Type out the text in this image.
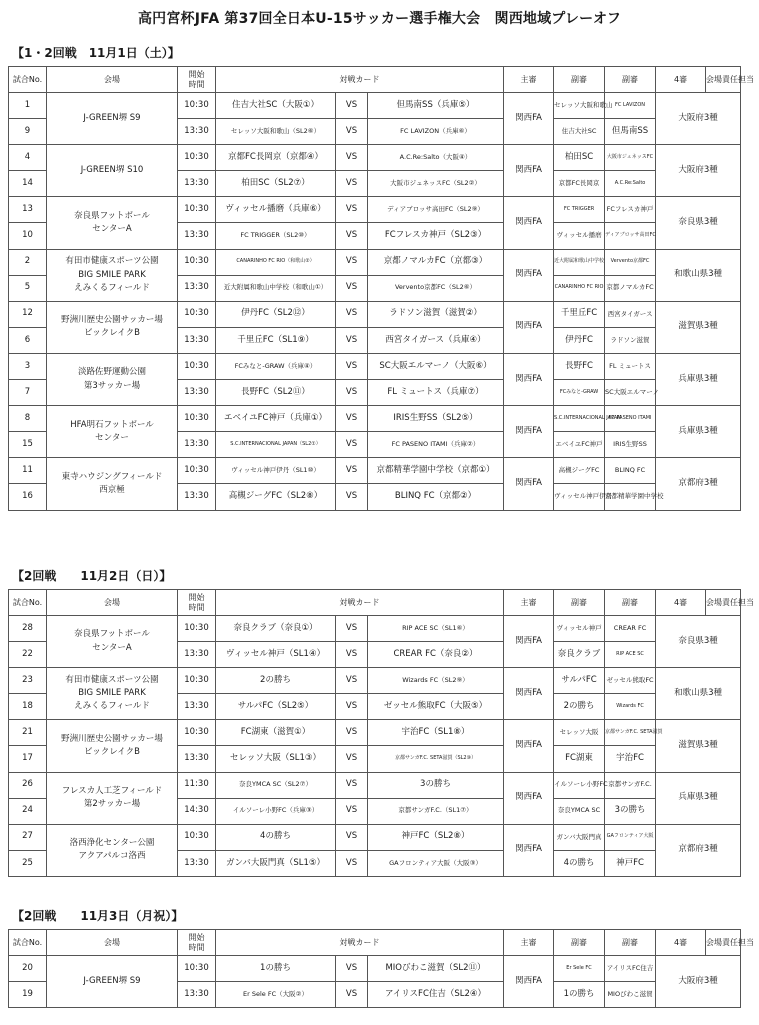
高円宮杯JFA 第37回全日本U-15サッカー選手権大会　関西地域プレーオフ
【1・2回戦　11月1日（土）】
試合No.	会場	開始
時間	対戦カード			主審	副審	副審	4審	会場責任担当
1	J-GREEN堺 S9	10:30	住吉大社SC（大阪①）	VS	但馬南SS（兵庫⑤）	関西FA	セレッソ大阪和歌山	FC LAVIZON	大阪府3種	
9		13:30	セレッソ大阪和歌山（SL2⑥）	VS	FC LAVIZON（兵庫⑥）		住吉大社SC	但馬南SS		
4	J-GREEN堺 S10	10:30	京都FC長岡京（京都④）	VS	A.C.Re:Salto（大阪④）	関西FA	柏田SC	大阪市ジュネッスFC	大阪府3種	
14		13:30	柏田SC（SL2⑦）	VS	大阪市ジュネッスFC（SL2②）		京都FC長岡京	A.C.Re:Salto		
13	奈良県フットボール
センターA	10:30	ヴィッセル播磨（兵庫⑥）	VS	ディアブロッサ高田FC（SL2⑨）	関西FA	FC TRIGGER	FCフレスカ神戸	奈良県3種	
10		13:30	FC TRIGGER（SL2⑩）	VS	FCフレスカ神戸（SL2③）		ヴィッセル播磨	ディアブロッサ高田FC		
2	有田市健康スポーツ公園
BIG SMILE PARK
えみくるフィールド	10:30	CANARINHO FC RIO（和歌山②）	VS	京都ノマルカFC（京都③）	関西FA	近大附属和歌山中学校	Vervento京都FC	和歌山県3種	
5		13:30	近大附属和歌山中学校（和歌山①）	VS	Vervento京都FC（SL2⑥）		CANARINHO FC RIO	京都ノマルカFC		
12	野洲川歴史公園サッカー場
ビックレイクB	10:30	伊丹FC（SL2⑫）	VS	ラドソン滋賀（滋賀②）	関西FA	千里丘FC	西宮タイガース	滋賀県3種	
6		13:30	千里丘FC（SL1⑨）	VS	西宮タイガース（兵庫④）		伊丹FC	ラドソン滋賀		
3	淡路佐野運動公園
第3サッカー場	10:30	FCみなと-GRAW（兵庫④）	VS	SC大阪エルマーノ（大阪⑥）	関西FA	長野FC	FL ミュートス	兵庫県3種	
7		13:30	長野FC（SL2⑪）	VS	FL ミュートス（兵庫⑦）		FCみなと-GRAW	SC大阪エルマーノ		
8	HFA明石フットボール
センター	10:30	エベイユFC神戸（兵庫①）	VS	IRIS生野SS（SL2⑤）	関西FA	S.C.INTERNACIONAL JAPAN	FC PASENO ITAMI	兵庫県3種	
15		13:30	S.C.INTERNACIONAL JAPAN（SL2①）	VS	FC PASENO ITAMI（兵庫②）		エベイユFC神戸	IRIS生野SS		
11	東寺ハウジングフィールド
西京極	10:30	ヴィッセル神戸伊丹（SL1⑩）	VS	京都精華学園中学校（京都①）	関西FA	高槻ジーグFC	BLINQ FC	京都府3種	
16		13:30	高槻ジーグFC（SL2⑧）	VS	BLINQ FC（京都②）		ヴィッセル神戸伊丹	京都精華学園中学校		
【2回戦　　11月2日（日）】
試合No.	会場	開始
時間	対戦カード			主審	副審	副審	4審	会場責任担当
28	奈良県フットボール
センターA	10:30	奈良クラブ（奈良①）	VS	RIP ACE SC（SL1⑥）	関西FA	ヴィッセル神戸	CREAR FC	奈良県3種	
22		13:30	ヴィッセル神戸（SL1④）	VS	CREAR FC（奈良②）		奈良クラブ	RIP ACE SC		
23	有田市健康スポーツ公園
BIG SMILE PARK
えみくるフィールド	10:30	2の勝ち	VS	Wizards FC（SL2⑨）	関西FA	サルパFC	ゼッセル熊取FC	和歌山県3種	
18		13:30	サルパFC（SL2⑤）	VS	ゼッセル熊取FC（大阪⑤）		2の勝ち	Wizards FC		
21	野洲川歴史公園サッカー場
ビックレイクB	10:30	FC湖東（滋賀①）	VS	宇治FC（SL1⑧）	関西FA	セレッソ大阪	京都サンガF.C. SETA滋賀	滋賀県3種	
17		13:30	セレッソ大阪（SL1③）	VS	京都サンガF.C. SETA滋賀（SL2⑩）		FC湖東	宇治FC		
26	フレスカ人工芝フィールド
第2サッカー場	11:30	奈良YMCA SC（SL2⑦）	VS	3の勝ち	関西FA	イルソーレ小野FC	京都サンガF.C.	兵庫県3種	
24		14:30	イルソーレ小野FC（兵庫③）	VS	京都サンガF.C.（SL1⑦）		奈良YMCA SC	3の勝ち		
27	洛西浄化センター公園
アクアパルコ洛西	10:30	4の勝ち	VS	神戸FC（SL2⑧）	関西FA	ガンバ大阪門真	GAフロンティア大阪	京都府3種	
25		13:30	ガンバ大阪門真（SL1⑤）	VS	GAフロンティア大阪（大阪③）		4の勝ち	神戸FC		
【2回戦　　11月3日（月祝）】
試合No.	会場	開始
時間	対戦カード			主審	副審	副審	4審	会場責任担当
20	J-GREEN堺 S9	10:30	1の勝ち	VS	MIOびわこ滋賀（SL2⑪）	関西FA	Er Sele FC	アイリスFC住吉	大阪府3種	
19		13:30	Er Sele FC（大阪②）	VS	アイリスFC住吉（SL2④）		1の勝ち	MIOびわこ滋賀		
